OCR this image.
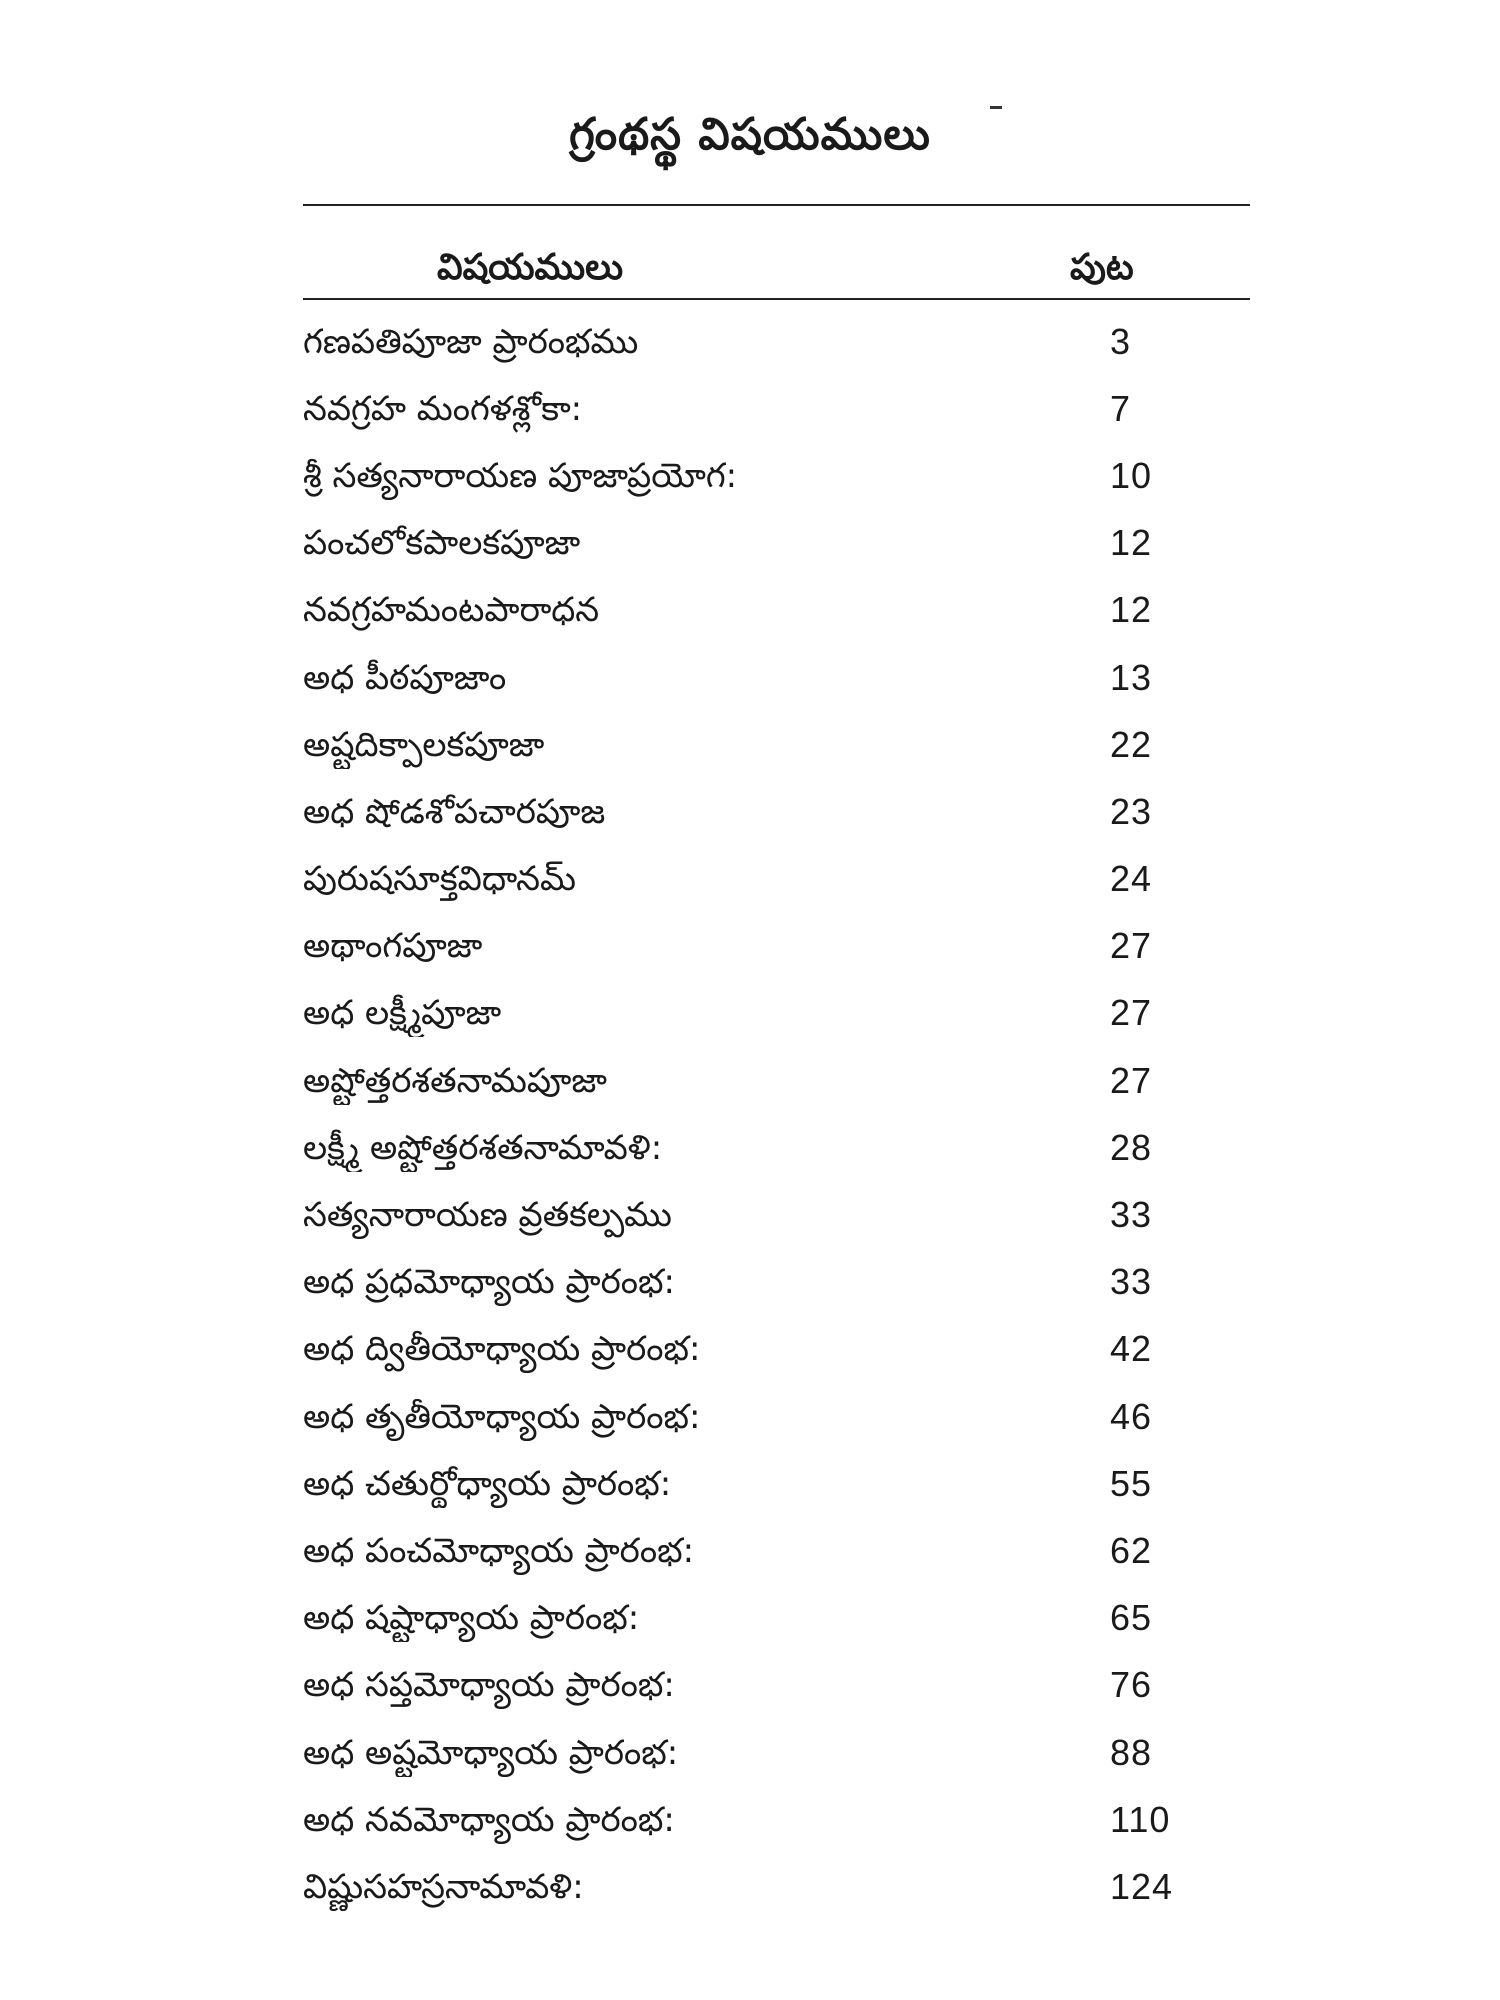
గ్రంథస్థ విషయములు
విషయములు	పుట
గణపతిపూజా ప్రారంభము	3
నవగ్రహ మంగళశ్లోకా:	7
శ్రీ సత్యనారాయణ పూజాప్రయోగ:	10
పంచలోకపాలకపూజా	12
నవగ్రహమంటపారాధన	12
అధ పీఠపూజాం	13
అష్టదిక్పాలకపూజా	22
అధ షోడశోపచారపూజ	23
పురుషసూక్తవిధానమ్	24
అథాంగపూజా	27
అధ లక్ష్మీపూజా	27
అష్టోత్తరశతనామపూజా	27
లక్ష్మీ అష్టోత్తరశతనామావళి:	28
సత్యనారాయణ వ్రతకల్పము	33
అధ ప్రధమోధ్యాయ ప్రారంభ:	33
అధ ద్వితీయోధ్యాయ ప్రారంభ:	42
అధ తృతీయోధ్యాయ ప్రారంభ:	46
అధ చతుర్థోధ్యాయ ప్రారంభ:	55
అధ పంచమోధ్యాయ ప్రారంభ:	62
అధ షష్టాధ్యాయ ప్రారంభ:	65
అధ సప్తమోధ్యాయ ప్రారంభ:	76
అధ అష్టమోధ్యాయ ప్రారంభ:	88
అధ నవమోధ్యాయ ప్రారంభ:	110
విష్ణుసహస్రనామావళి:	124
